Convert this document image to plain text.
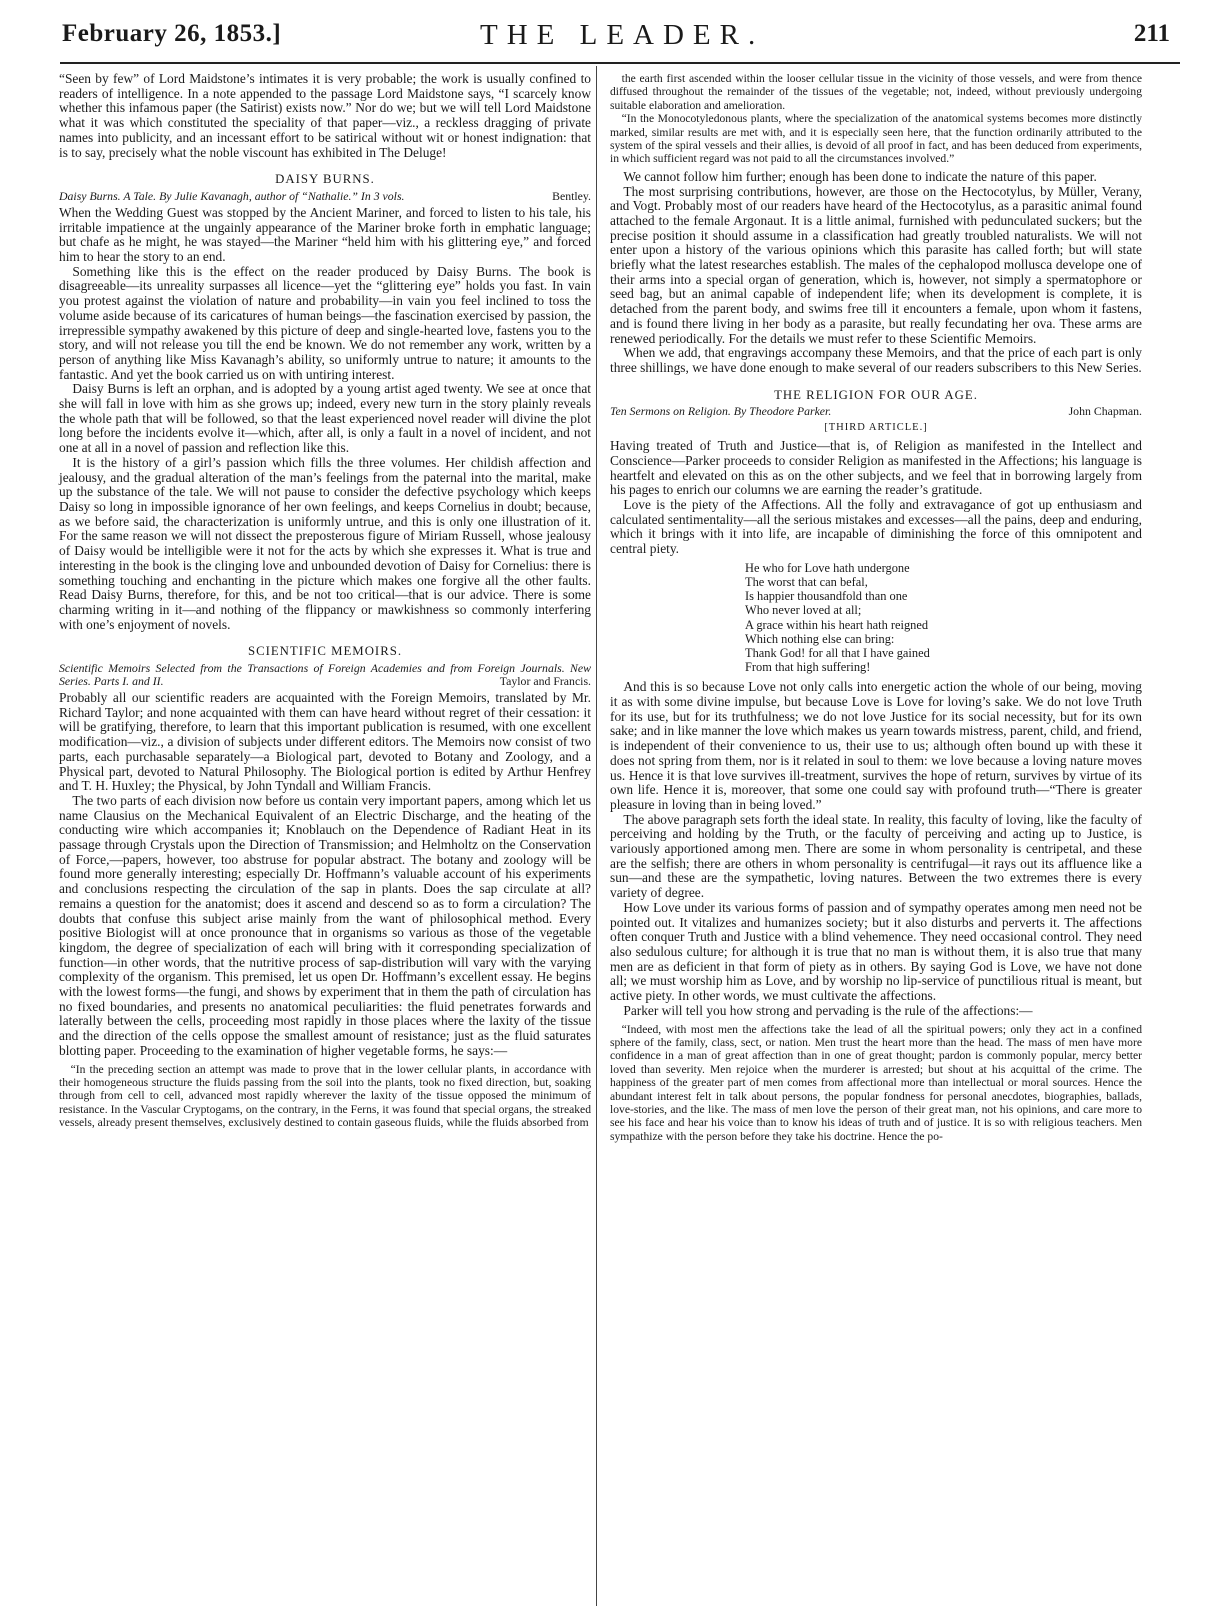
February 26, 1853.]	THE LEADER.	211

“Seen by few” of Lord Maidstone’s intimates it is very probable; the work is usually confined to readers of intelligence. In a note appended to the passage Lord Maidstone says, “I scarcely know whether this infamous paper (the Satirist) exists now.” Nor do we; but we will tell Lord Maidstone what it was which constituted the speciality of that paper—viz., a reckless dragging of private names into publicity, and an incessant effort to be satirical without wit or honest indignation: that is to say, precisely what the noble viscount has exhibited in The Deluge!

DAISY BURNS.
Daisy Burns. A Tale. By Julie Kavanagh, author of “Nathalie.” In 3 vols.	Bentley.

When the Wedding Guest was stopped by the Ancient Mariner, and forced to listen to his tale, his irritable impatience at the ungainly appearance of the Mariner broke forth in emphatic language; but chafe as he might, he was stayed—the Mariner “held him with his glittering eye,” and forced him to hear the story to an end.

Something like this is the effect on the reader produced by Daisy Burns. The book is disagreeable—its unreality surpasses all licence—yet the “glittering eye” holds you fast. In vain you protest against the violation of nature and probability—in vain you feel inclined to toss the volume aside because of its caricatures of human beings—the fascination exercised by passion, the irrepressible sympathy awakened by this picture of deep and single-hearted love, fastens you to the story, and will not release you till the end be known. We do not remember any work, written by a person of anything like Miss Kavanagh’s ability, so uniformly untrue to nature; it amounts to the fantastic. And yet the book carried us on with untiring interest.

Daisy Burns is left an orphan, and is adopted by a young artist aged twenty. We see at once that she will fall in love with him as she grows up; indeed, every new turn in the story plainly reveals the whole path that will be followed, so that the least experienced novel reader will divine the plot long before the incidents evolve it—which, after all, is only a fault in a novel of incident, and not one at all in a novel of passion and reflection like this.

It is the history of a girl’s passion which fills the three volumes. Her childish affection and jealousy, and the gradual alteration of the man’s feelings from the paternal into the marital, make up the substance of the tale. We will not pause to consider the defective psychology which keeps Daisy so long in impossible ignorance of her own feelings, and keeps Cornelius in doubt; because, as we before said, the characterization is uniformly untrue, and this is only one illustration of it. For the same reason we will not dissect the preposterous figure of Miriam Russell, whose jealousy of Daisy would be intelligible were it not for the acts by which she expresses it. What is true and interesting in the book is the clinging love and unbounded devotion of Daisy for Cornelius: there is something touching and enchanting in the picture which makes one forgive all the other faults. Read Daisy Burns, therefore, for this, and be not too critical—that is our advice. There is some charming writing in it—and nothing of the flippancy or mawkishness so commonly interfering with one’s enjoyment of novels.

SCIENTIFIC MEMOIRS.
Scientific Memoirs Selected from the Transactions of Foreign Academies and from Foreign Journals. New Series. Parts I. and II.	Taylor and Francis.

Probably all our scientific readers are acquainted with the Foreign Memoirs, translated by Mr. Richard Taylor; and none acquainted with them can have heard without regret of their cessation: it will be gratifying, therefore, to learn that this important publication is resumed, with one excellent modification—viz., a division of subjects under different editors. The Memoirs now consist of two parts, each purchasable separately—a Biological part, devoted to Botany and Zoology, and a Physical part, devoted to Natural Philosophy. The Biological portion is edited by Arthur Henfrey and T. H. Huxley; the Physical, by John Tyndall and William Francis.

The two parts of each division now before us contain very important papers, among which let us name Clausius on the Mechanical Equivalent of an Electric Discharge, and the heating of the conducting wire which accompanies it; Knoblauch on the Dependence of Radiant Heat in its passage through Crystals upon the Direction of Transmission; and Helmholtz on the Conservation of Force,—papers, however, too abstruse for popular abstract. The botany and zoology will be found more generally interesting; especially Dr. Hoffmann’s valuable account of his experiments and conclusions respecting the circulation of the sap in plants. Does the sap circulate at all? remains a question for the anatomist; does it ascend and descend so as to form a circulation? The doubts that confuse this subject arise mainly from the want of philosophical method. Every positive Biologist will at once pronounce that in organisms so various as those of the vegetable kingdom, the degree of specialization of each will bring with it corresponding specialization of function—in other words, that the nutritive process of sap-distribution will vary with the varying complexity of the organism. This premised, let us open Dr. Hoffmann’s excellent essay. He begins with the lowest forms—the fungi, and shows by experiment that in them the path of circulation has no fixed boundaries, and presents no anatomical peculiarities: the fluid penetrates forwards and laterally between the cells, proceeding most rapidly in those places where the laxity of the tissue and the direction of the cells oppose the smallest amount of resistance; just as the fluid saturates blotting paper. Proceeding to the examination of higher vegetable forms, he says:—

“In the preceding section an attempt was made to prove that in the lower cellular plants, in accordance with their homogeneous structure the fluids passing from the soil into the plants, took no fixed direction, but, soaking through from cell to cell, advanced most rapidly wherever the laxity of the tissue opposed the minimum of resistance. In the Vascular Cryptogams, on the contrary, in the Ferns, it was found that special organs, the streaked vessels, already present themselves, exclusively destined to contain gaseous fluids, while the fluids absorbed from

the earth first ascended within the looser cellular tissue in the vicinity of those vessels, and were from thence diffused throughout the remainder of the tissues of the vegetable; not, indeed, without previously undergoing suitable elaboration and amelioration.

“In the Monocotyledonous plants, where the specialization of the anatomical systems becomes more distinctly marked, similar results are met with, and it is especially seen here, that the function ordinarily attributed to the system of the spiral vessels and their allies, is devoid of all proof in fact, and has been deduced from experiments, in which sufficient regard was not paid to all the circumstances involved.”

We cannot follow him further; enough has been done to indicate the nature of this paper.

The most surprising contributions, however, are those on the Hectocotylus, by Müller, Verany, and Vogt. Probably most of our readers have heard of the Hectocotylus, as a parasitic animal found attached to the female Argonaut. It is a little animal, furnished with pedunculated suckers; but the precise position it should assume in a classification had greatly troubled naturalists. We will not enter upon a history of the various opinions which this parasite has called forth; but will state briefly what the latest researches establish. The males of the cephalopod mollusca develope one of their arms into a special organ of generation, which is, however, not simply a spermatophore or seed bag, but an animal capable of independent life; when its development is complete, it is detached from the parent body, and swims free till it encounters a female, upon whom it fastens, and is found there living in her body as a parasite, but really fecundating her ova. These arms are renewed periodically. For the details we must refer to these Scientific Memoirs.

When we add, that engravings accompany these Memoirs, and that the price of each part is only three shillings, we have done enough to make several of our readers subscribers to this New Series.

THE RELIGION FOR OUR AGE.
Ten Sermons on Religion. By Theodore Parker.	John Chapman.
[THIRD ARTICLE.]

Having treated of Truth and Justice—that is, of Religion as manifested in the Intellect and Conscience—Parker proceeds to consider Religion as manifested in the Affections; his language is heartfelt and elevated on this as on the other subjects, and we feel that in borrowing largely from his pages to enrich our columns we are earning the reader’s gratitude.

Love is the piety of the Affections. All the folly and extravagance of got up enthusiasm and calculated sentimentality—all the serious mistakes and excesses—all the pains, deep and enduring, which it brings with it into life, are incapable of diminishing the force of this omnipotent and central piety.

He who for Love hath undergone
The worst that can befal,
Is happier thousandfold than one
Who never loved at all;
A grace within his heart hath reigned
Which nothing else can bring:
Thank God! for all that I have gained
From that high suffering!

And this is so because Love not only calls into energetic action the whole of our being, moving it as with some divine impulse, but because Love is Love for loving’s sake. We do not love Truth for its use, but for its truthfulness; we do not love Justice for its social necessity, but for its own sake; and in like manner the love which makes us yearn towards mistress, parent, child, and friend, is independent of their convenience to us, their use to us; although often bound up with these it does not spring from them, nor is it related in soul to them: we love because a loving nature moves us. Hence it is that love survives ill-treatment, survives the hope of return, survives by virtue of its own life. Hence it is, moreover, that some one could say with profound truth—“There is greater pleasure in loving than in being loved.”

The above paragraph sets forth the ideal state. In reality, this faculty of loving, like the faculty of perceiving and holding by the Truth, or the faculty of perceiving and acting up to Justice, is variously apportioned among men. There are some in whom personality is centripetal, and these are the selfish; there are others in whom personality is centrifugal—it rays out its affluence like a sun—and these are the sympathetic, loving natures. Between the two extremes there is every variety of degree.

How Love under its various forms of passion and of sympathy operates among men need not be pointed out. It vitalizes and humanizes society; but it also disturbs and perverts it. The affections often conquer Truth and Justice with a blind vehemence. They need occasional control. They need also sedulous culture; for although it is true that no man is without them, it is also true that many men are as deficient in that form of piety as in others. By saying God is Love, we have not done all; we must worship him as Love, and by worship no lip-service of punctilious ritual is meant, but active piety. In other words, we must cultivate the affections.

Parker will tell you how strong and pervading is the rule of the affections:—

“Indeed, with most men the affections take the lead of all the spiritual powers; only they act in a confined sphere of the family, class, sect, or nation. Men trust the heart more than the head. The mass of men have more confidence in a man of great affection than in one of great thought; pardon is commonly popular, mercy better loved than severity. Men rejoice when the murderer is arrested; but shout at his acquittal of the crime. The happiness of the greater part of men comes from affectional more than intellectual or moral sources. Hence the abundant interest felt in talk about persons, the popular fondness for personal anecdotes, biographies, ballads, love-stories, and the like. The mass of men love the person of their great man, not his opinions, and care more to see his face and hear his voice than to know his ideas of truth and of justice. It is so with religious teachers. Men sympathize with the person before they take his doctrine. Hence the po-
